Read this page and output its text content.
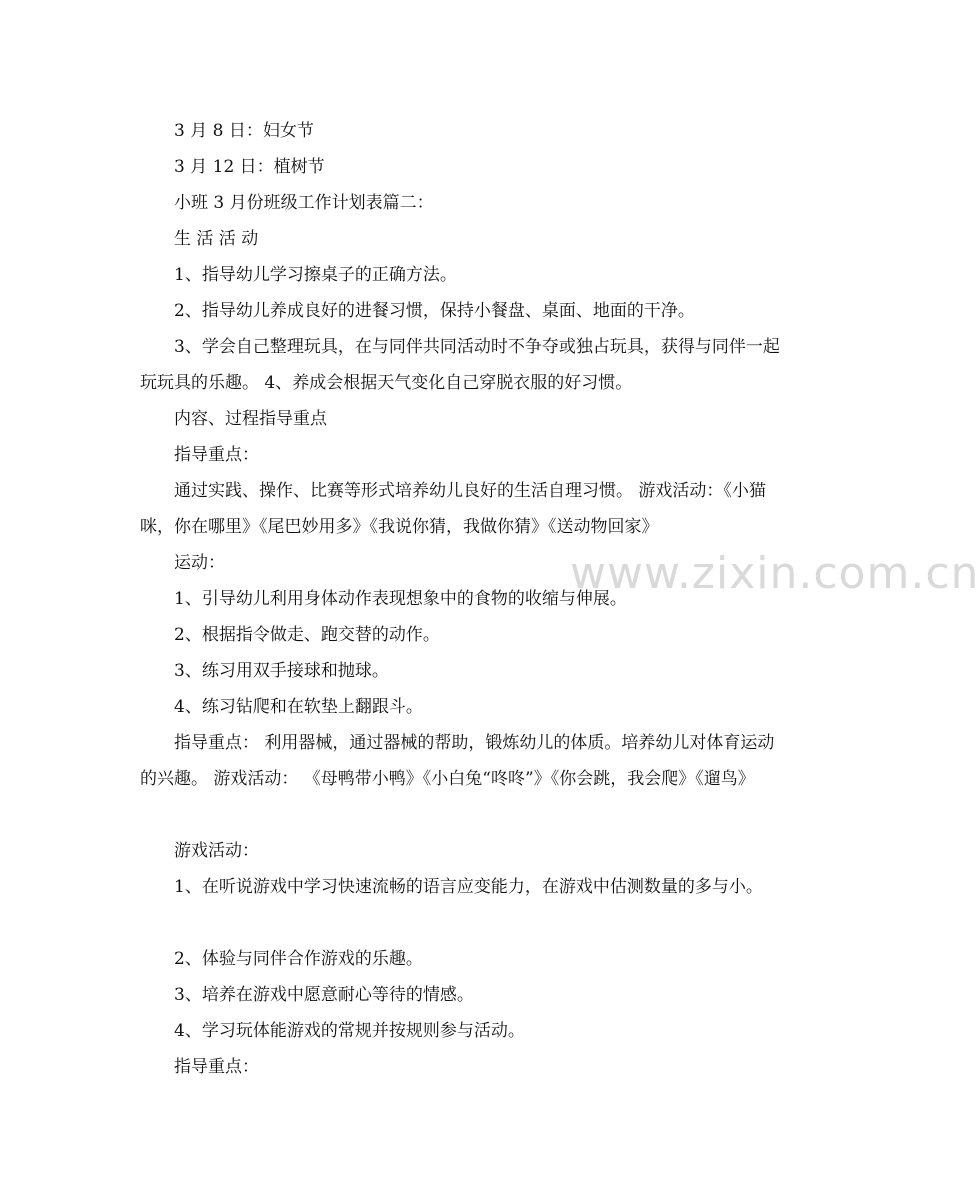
www.zixin.com.cn

3 月 8 日：妇女节

3 月 12 日：植树节

小班 3 月份班级工作计划表篇二：

生 活 活 动

1、指导幼儿学习擦桌子的正确方法。

2、指导幼儿养成良好的进餐习惯，保持小餐盘、桌面、地面的干净。

3、学会自己整理玩具，在与同伴共同活动时不争夺或独占玩具，获得与同伴一起玩玩具的乐趣。 4、养成会根据天气变化自己穿脱衣服的好习惯。

内容、过程指导重点

指导重点：

通过实践、操作、比赛等形式培养幼儿良好的生活自理习惯。 游戏活动：《小猫咪，你在哪里》《尾巴妙用多》《我说你猜，我做你猜》《送动物回家》

运动：

1、引导幼儿利用身体动作表现想象中的食物的收缩与伸展。

2、根据指令做走、跑交替的动作。

3、练习用双手接球和抛球。

4、练习钻爬和在软垫上翻跟斗。

指导重点： 利用器械，通过器械的帮助，锻炼幼儿的体质。培养幼儿对体育运动的兴趣。 游戏活动： 《母鸭带小鸭》《小白兔“咚咚”》《你会跳，我会爬》《遛鸟》

游戏活动：

1、在听说游戏中学习快速流畅的语言应变能力，在游戏中估测数量的多与小。

2、体验与同伴合作游戏的乐趣。

3、培养在游戏中愿意耐心等待的情感。

4、学习玩体能游戏的常规并按规则参与活动。

指导重点：
